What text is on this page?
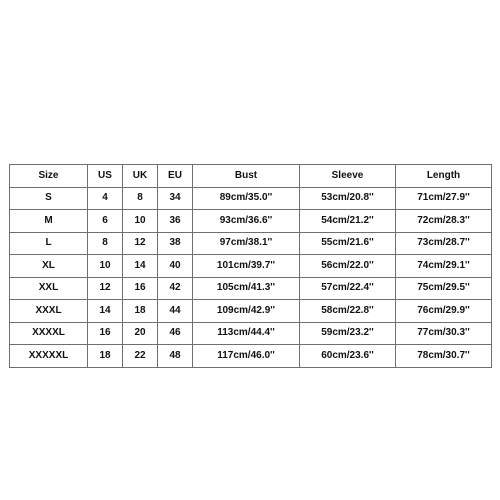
Size	US	UK	EU	Bust	Sleeve	Length
S	4	8	34	89cm/35.0''	53cm/20.8''	71cm/27.9''
M	6	10	36	93cm/36.6''	54cm/21.2''	72cm/28.3''
L	8	12	38	97cm/38.1''	55cm/21.6''	73cm/28.7''
XL	10	14	40	101cm/39.7''	56cm/22.0''	74cm/29.1''
XXL	12	16	42	105cm/41.3''	57cm/22.4''	75cm/29.5''
XXXL	14	18	44	109cm/42.9''	58cm/22.8''	76cm/29.9''
XXXXL	16	20	46	113cm/44.4''	59cm/23.2''	77cm/30.3''
XXXXXL	18	22	48	117cm/46.0''	60cm/23.6''	78cm/30.7''
